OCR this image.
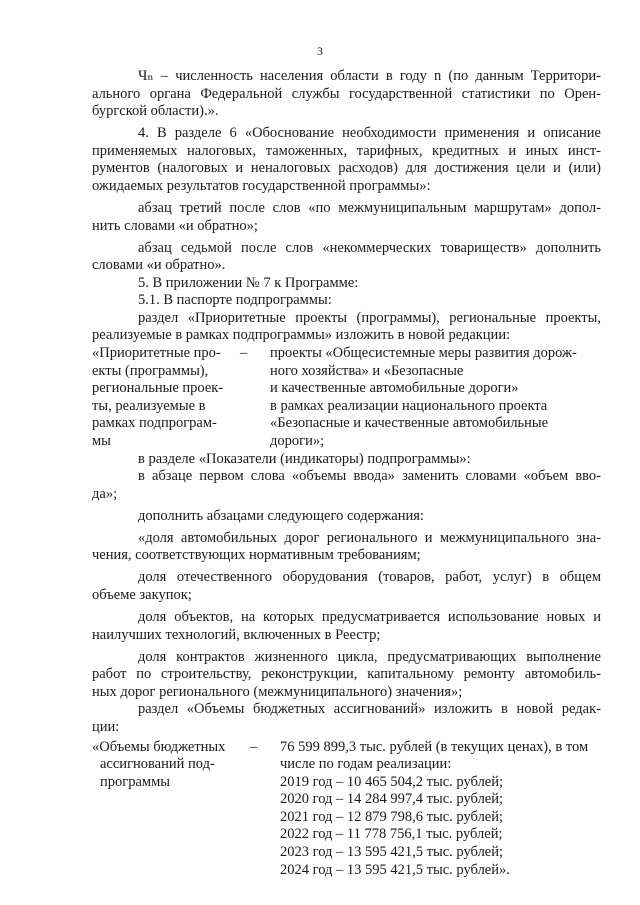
3
Чₙ – численность населения области в году n (по данным Территори-
ального органа Федеральной службы государственной статистики по Орен-
бургской области).».
4. В разделе 6 «Обоснование необходимости применения и описание
применяемых налоговых, таможенных, тарифных, кредитных и иных инст-
рументов (налоговых и неналоговых расходов) для достижения цели и (или)
ожидаемых результатов государственной программы»:
абзац третий после слов «по межмуниципальным маршрутам» допол-
нить словами «и обратно»;
абзац седьмой после слов «некоммерческих товариществ» дополнить
словами «и обратно».
5. В приложении № 7 к Программе:
5.1. В паспорте подпрограммы:
раздел «Приоритетные проекты (программы), региональные проекты,
реализуемые в рамках подпрограммы» изложить в новой редакции:
«Приоритетные про-
екты (программы),
региональные проек-
ты, реализуемые в
рамках подпрограм-
мы
– проекты «Общесистемные меры развития дорож-
ного хозяйства» и «Безопасные
и качественные автомобильные дороги»
в рамках реализации национального проекта
«Безопасные и качественные автомобильные
дороги»;
в разделе «Показатели (индикаторы) подпрограммы»:
в абзаце первом слова «объемы ввода» заменить словами «объем вво-
да»;
дополнить абзацами следующего содержания:
«доля автомобильных дорог регионального и межмуниципального зна-
чения, соответствующих нормативным требованиям;
доля отечественного оборудования (товаров, работ, услуг) в общем
объеме закупок;
доля объектов, на которых предусматривается использование новых и
наилучших технологий, включенных в Реестр;
доля контрактов жизненного цикла, предусматривающих выполнение
работ по строительству, реконструкции, капитальному ремонту автомобиль-
ных дорог регионального (межмуниципального) значения»;
раздел «Объемы бюджетных ассигнований» изложить в новой редак-
ции:
«Объемы бюджетных
ассигнований под-
программы
– 76 599 899,3 тыс. рублей (в текущих ценах), в том
числе по годам реализации:
2019 год – 10 465 504,2 тыс. рублей;
2020 год – 14 284 997,4 тыс. рублей;
2021 год – 12 879 798,6 тыс. рублей;
2022 год – 11 778 756,1 тыс. рублей;
2023 год – 13 595 421,5 тыс. рублей;
2024 год – 13 595 421,5 тыс. рублей».
